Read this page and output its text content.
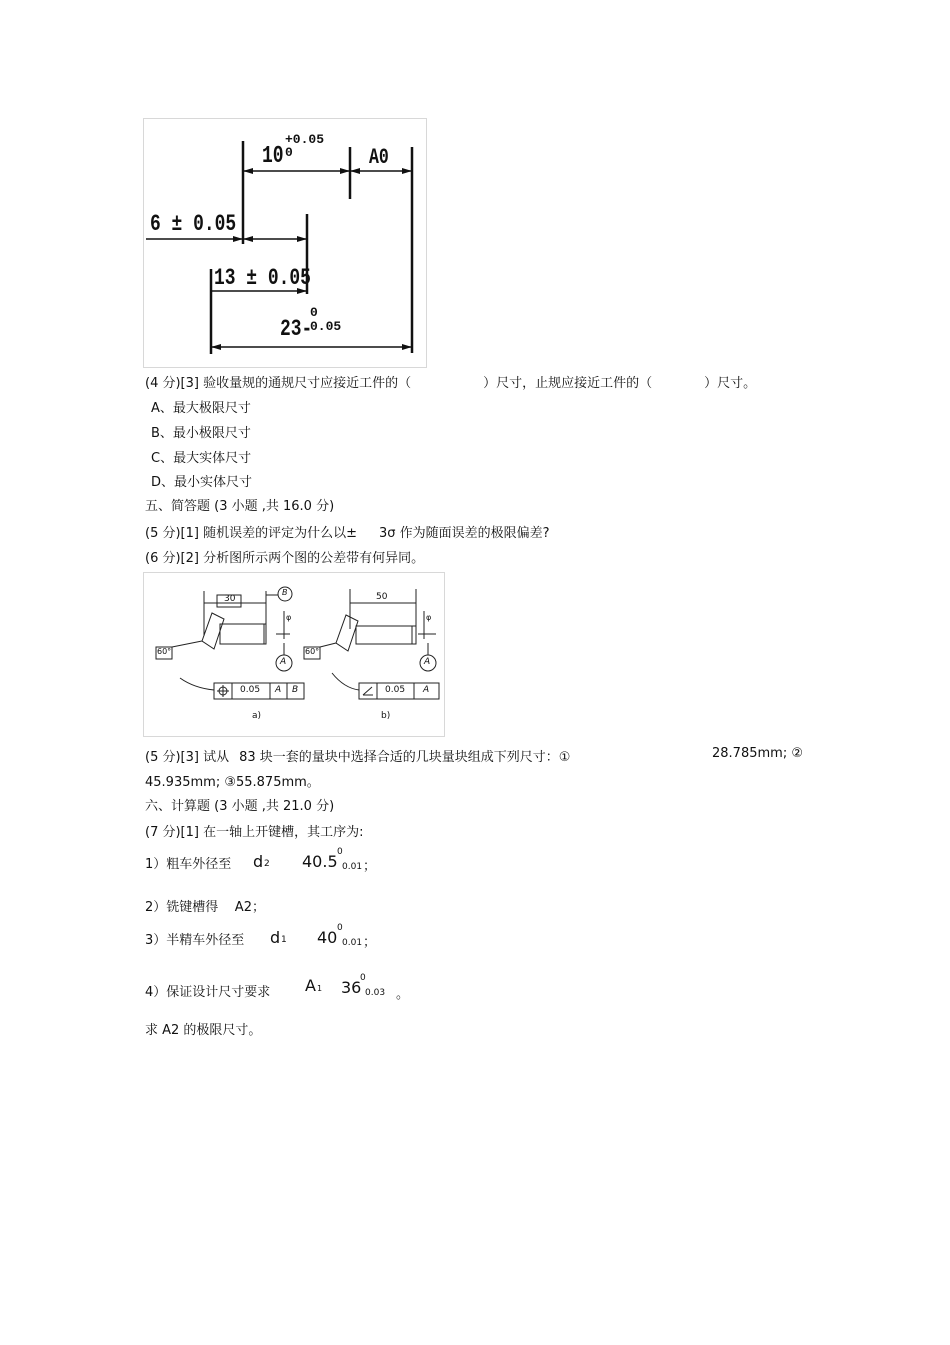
10
+0.05
0	A0
6 ± 0.05
13 ± 0.05
23-
0
0.05
(4 分)[3] 验收量规的通规尺寸应接近工件的（	）尺寸，止规应接近工件的（	）尺寸。
A、最大极限尺寸
B、最小极限尺寸
C、最大实体尺寸
D、最小实体尺寸
五、简答题 (3 小题 ,共 16.0 分)
(5 分)[1] 随机误差的评定为什么以± 3σ 作为随面误差的极限偏差?
(6 分)[2] 分析图所示两个图的公差带有何异同。
30	50
60°	60°
B
A	A
φ	φ
0.05 A B	0.05 A
a)	b)
(5 分)[3] 试从 83 块一套的量块中选择合适的几块量块组成下列尺寸：①	28.785mm; ②
45.935mm; ③55.875mm。
六、计算题 (3 小题 ,共 21.0 分)
(7 分)[1] 在一轴上开键槽，其工序为:
1）粗车外径至 d 2 40.5 0
0.01 ；
2）铣键槽得    A2；
3）半精车外径至 d 1 40 0
0.01 ；
4）保证设计尺寸要求 A 1 36
0
0.03 。
求 A2 的极限尺寸。
